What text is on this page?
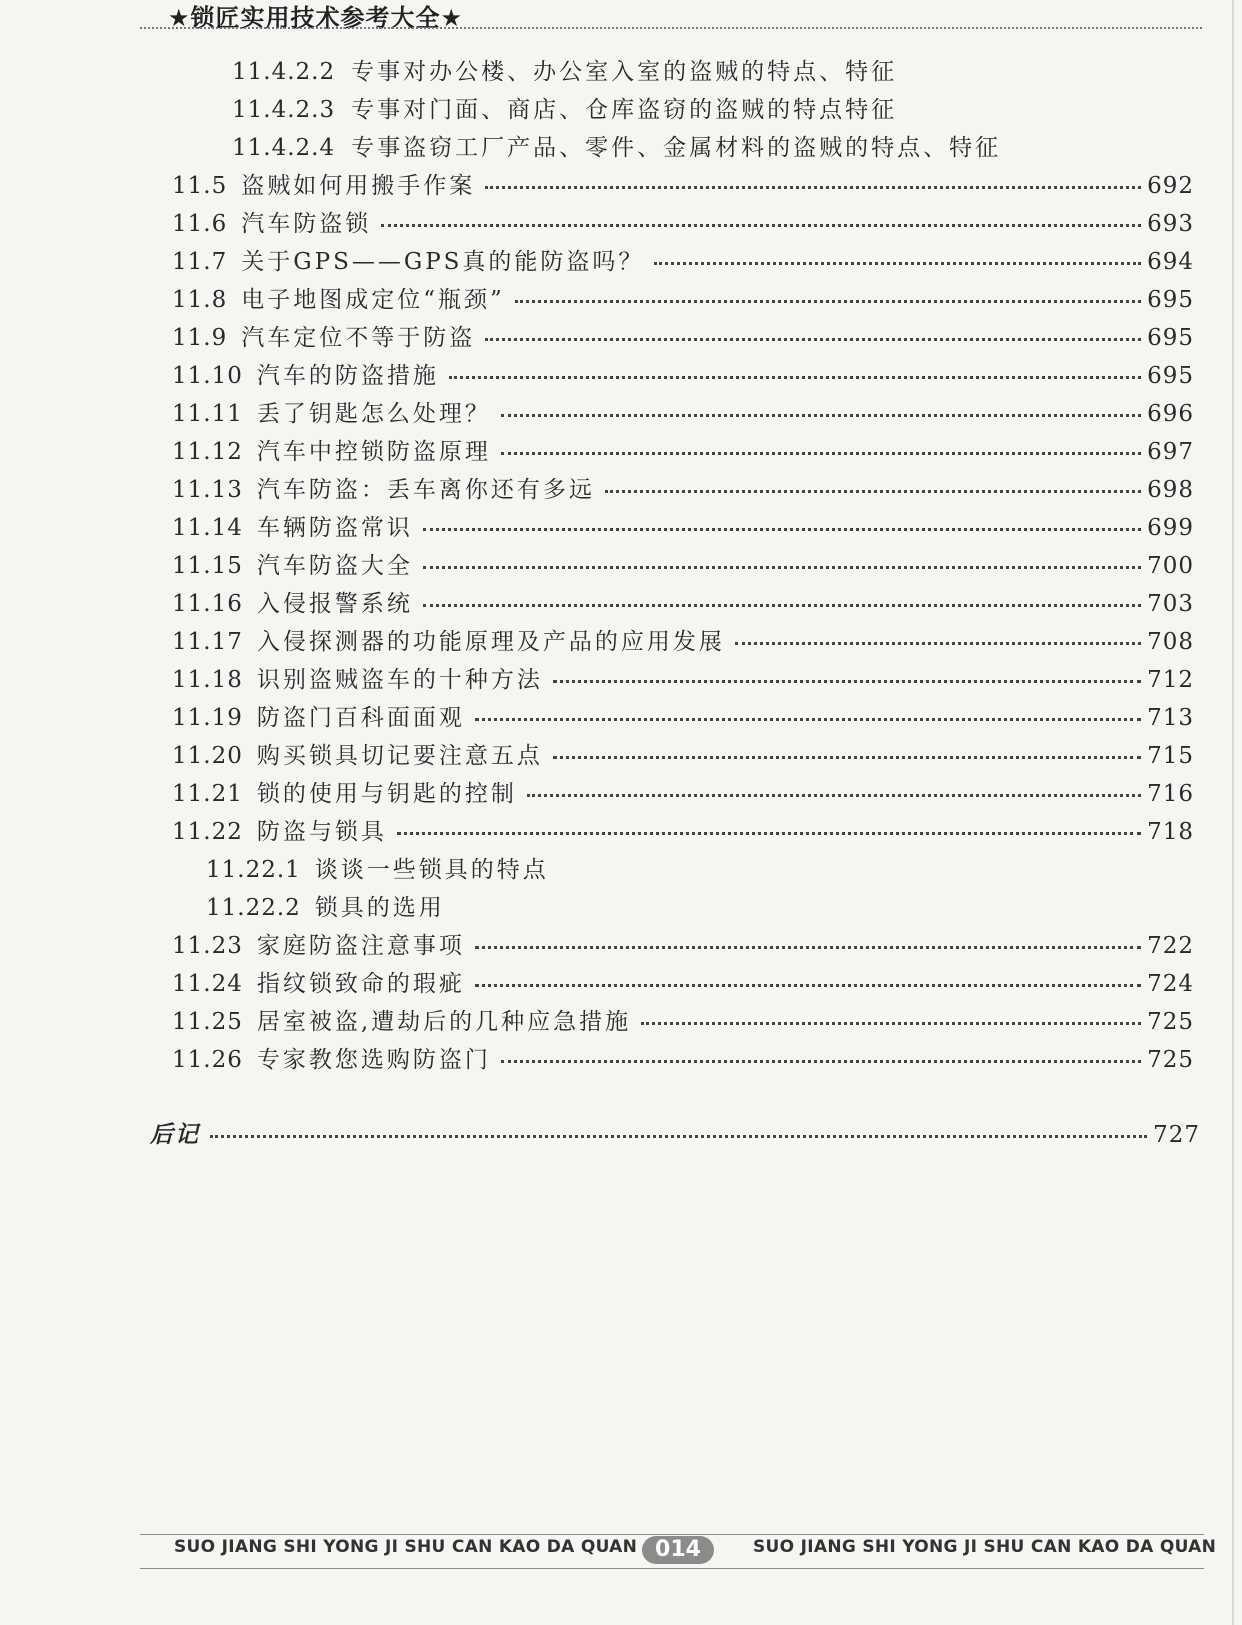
★锁匠实用技术参考大全★
11.4.2.2 专事对办公楼、办公室入室的盗贼的特点、特征
11.4.2.3 专事对门面、商店、仓库盗窃的盗贼的特点特征
11.4.2.4 专事盗窃工厂产品、零件、金属材料的盗贼的特点、特征
11.5 盗贼如何用搬手作案	692
11.6 汽车防盗锁	693
11.7 关于GPS——GPS真的能防盗吗？	694
11.8 电子地图成定位“瓶颈”	695
11.9 汽车定位不等于防盗	695
11.10 汽车的防盗措施	695
11.11 丢了钥匙怎么处理？	696
11.12 汽车中控锁防盗原理	697
11.13 汽车防盗：丢车离你还有多远	698
11.14 车辆防盗常识	699
11.15 汽车防盗大全	700
11.16 入侵报警系统	703
11.17 入侵探测器的功能原理及产品的应用发展	708
11.18 识别盗贼盗车的十种方法	712
11.19 防盗门百科面面观	713
11.20 购买锁具切记要注意五点	715
11.21 锁的使用与钥匙的控制	716
11.22 防盗与锁具	718
11.22.1 谈谈一些锁具的特点
11.22.2 锁具的选用
11.23 家庭防盗注意事项	722
11.24 指纹锁致命的瑕疵	724
11.25 居室被盗,遭劫后的几种应急措施	725
11.26 专家教您选购防盗门	725
后记	727
SUO JIANG SHI YONG JI SHU CAN KAO DA QUAN 014	SUO JIANG SHI YONG JI SHU CAN KAO DA QUAN
